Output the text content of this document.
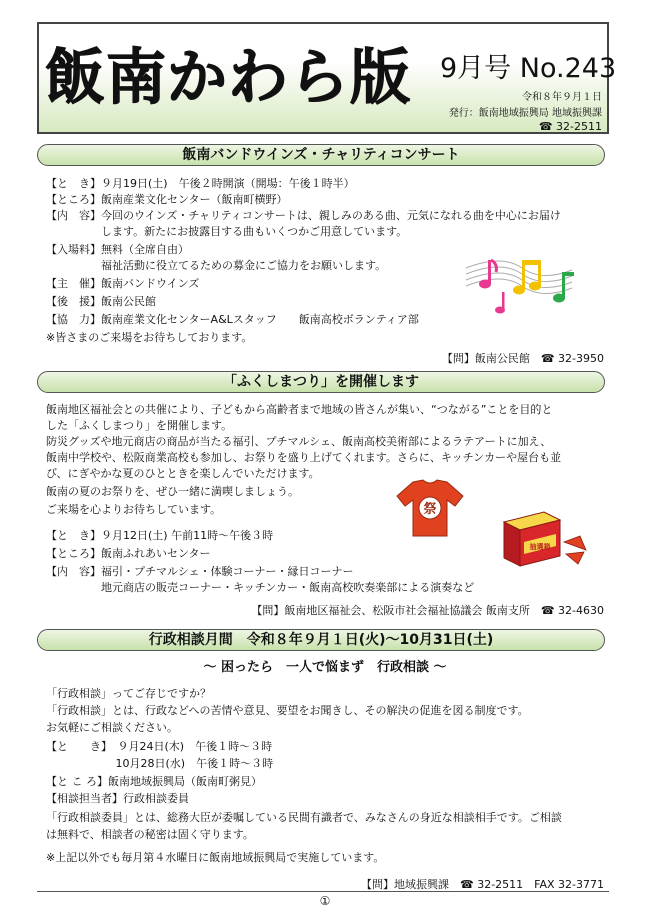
飯南かわら版 9月号 No.243
令和８年９月１日
発行：飯南地域振興局 地域振興課
☎ 32-2511
飯南バンドウインズ・チャリティコンサート
【と　き】９月19日(土)　午後２時開演（開場：午後１時半）
【ところ】飯南産業文化センター（飯南町横野）
【内　容】今回のウインズ・チャリティコンサートは、親しみのある曲、元気になれる曲を中心にお届け
　　　　　します。新たにお披露目する曲もいくつかご用意しています。
【入場料】無料（全席自由）
　　　　　福祉活動に役立てるための募金にご協力をお願いします。
【主　催】飯南バンドウインズ
【後　援】飯南公民館
【協　力】飯南産業文化センターA&Lスタッフ　　飯南高校ボランティア部
※皆さまのご来場をお待ちしております。
【問】飯南公民館　☎ 32-3950
「ふくしまつり」を開催します
飯南地区福祉会との共催により、子どもから高齢者まで地域の皆さんが集い、“つながる”ことを目的と
した「ふくしまつり」を開催します。
防災グッズや地元商店の商品が当たる福引、プチマルシェ、飯南高校美術部によるラテアートに加え、
飯南中学校や、松阪商業高校も参加し、お祭りを盛り上げてくれます。さらに、キッチンカーや屋台も並
び、にぎやかな夏のひとときを楽しんでいただけます。
飯南の夏のお祭りを、ぜひ一緒に満喫しましょう。
ご来場を心よりお待ちしています。	祭
抽選箱
【と　き】９月12日(土) 午前11時～午後３時
【ところ】飯南ふれあいセンター
【内　容】福引・プチマルシェ・体験コーナー・縁日コーナー
　　　　　地元商店の販売コーナー・キッチンカー・飯南高校吹奏楽部による演奏など
【問】飯南地区福祉会、松阪市社会福祉協議会 飯南支所　☎ 32-4630
行政相談月間　令和８年９月１日(火)～10月31日(土)
～ 困ったら　一人で悩まず　行政相談 ～
「行政相談」ってご存じですか？
「行政相談」とは、行政などへの苦情や意見、要望をお聞きし、その解決の促進を図る制度です。
お気軽にご相談ください。
【と　　き】　９月24日(木)　午後１時～３時
　　　　　　 10月28日(水)　午後１時～３時
【と こ ろ】飯南地域振興局（飯南町粥見）
【相談担当者】行政相談委員
「行政相談委員」とは、総務大臣が委嘱している民間有識者で、みなさんの身近な相談相手です。ご相談
は無料で、相談者の秘密は固く守ります。
※上記以外でも毎月第４水曜日に飯南地域振興局で実施しています。
【問】地域振興課　☎ 32-2511　FAX 32-3771
①
